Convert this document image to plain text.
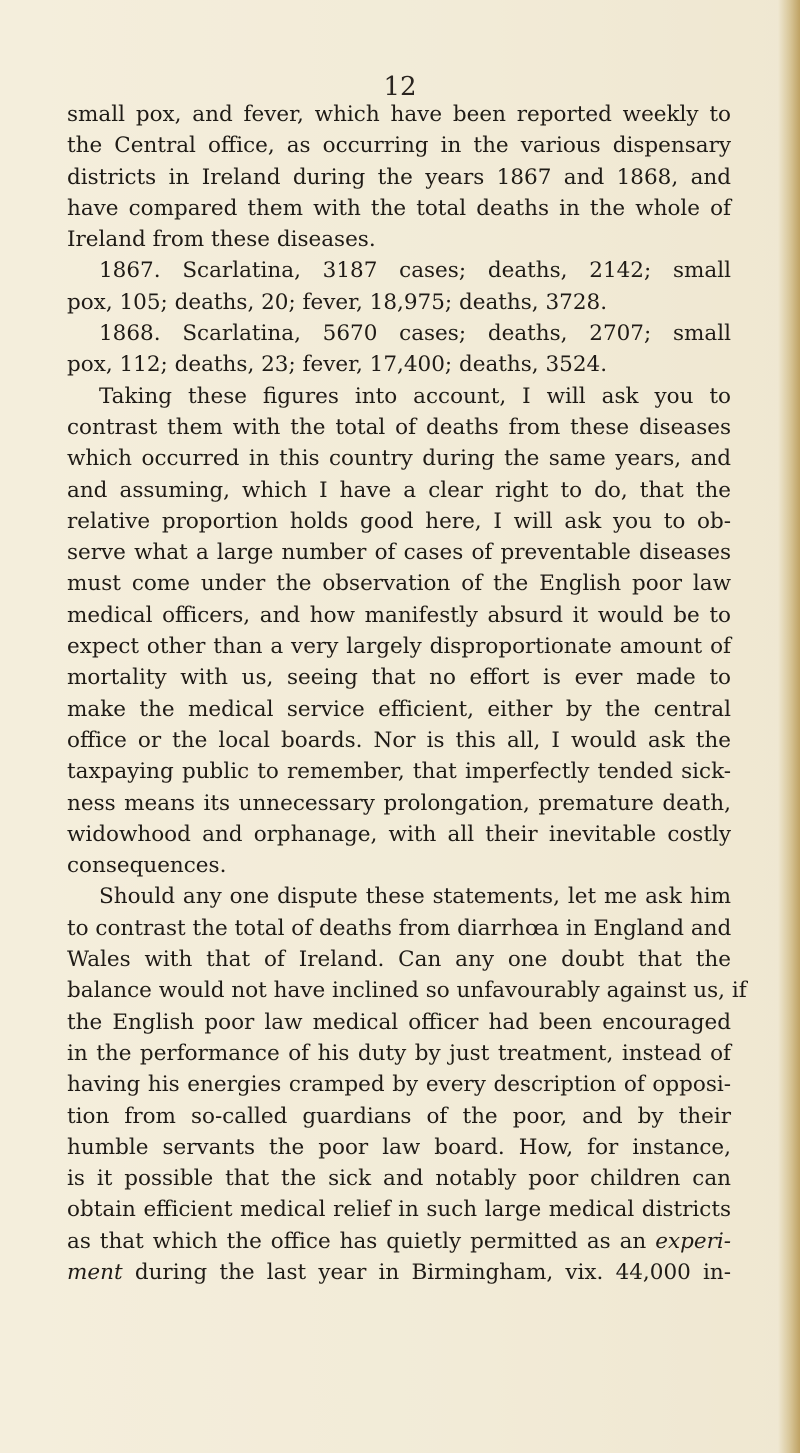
12
small pox, and fever, which have been reported weekly to
the Central office, as occurring in the various dispensary
districts in Ireland during the years 1867 and 1868, and
have compared them with the total deaths in the whole of
Ireland from these diseases.
1867. Scarlatina, 3187 cases; deaths, 2142; small
pox, 105; deaths, 20; fever, 18,975; deaths, 3728.
1868. Scarlatina, 5670 cases; deaths, 2707; small
pox, 112; deaths, 23; fever, 17,400; deaths, 3524.
Taking these figures into account, I will ask you to
contrast them with the total of deaths from these diseases
which occurred in this country during the same years, and
and assuming, which I have a clear right to do, that the
relative proportion holds good here, I will ask you to ob-
serve what a large number of cases of preventable diseases
must come under the observation of the English poor law
medical officers, and how manifestly absurd it would be to
expect other than a very largely disproportionate amount of
mortality with us, seeing that no effort is ever made to
make the medical service efficient, either by the central
office or the local boards. Nor is this all, I would ask the
taxpaying public to remember, that imperfectly tended sick-
ness means its unnecessary prolongation, premature death,
widowhood and orphanage, with all their inevitable costly
consequences.
Should any one dispute these statements, let me ask him
to contrast the total of deaths from diarrhœa in England and
Wales with that of Ireland. Can any one doubt that the
balance would not have inclined so unfavourably against us, if
the English poor law medical officer had been encouraged
in the performance of his duty by just treatment, instead of
having his energies cramped by every description of opposi-
tion from so-called guardians of the poor, and by their
humble servants the poor law board. How, for instance,
is it possible that the sick and notably poor children can
obtain efficient medical relief in such large medical districts
as that which the office has quietly permitted as an experi-
ment during the last year in Birmingham, vix. 44,000 in-
